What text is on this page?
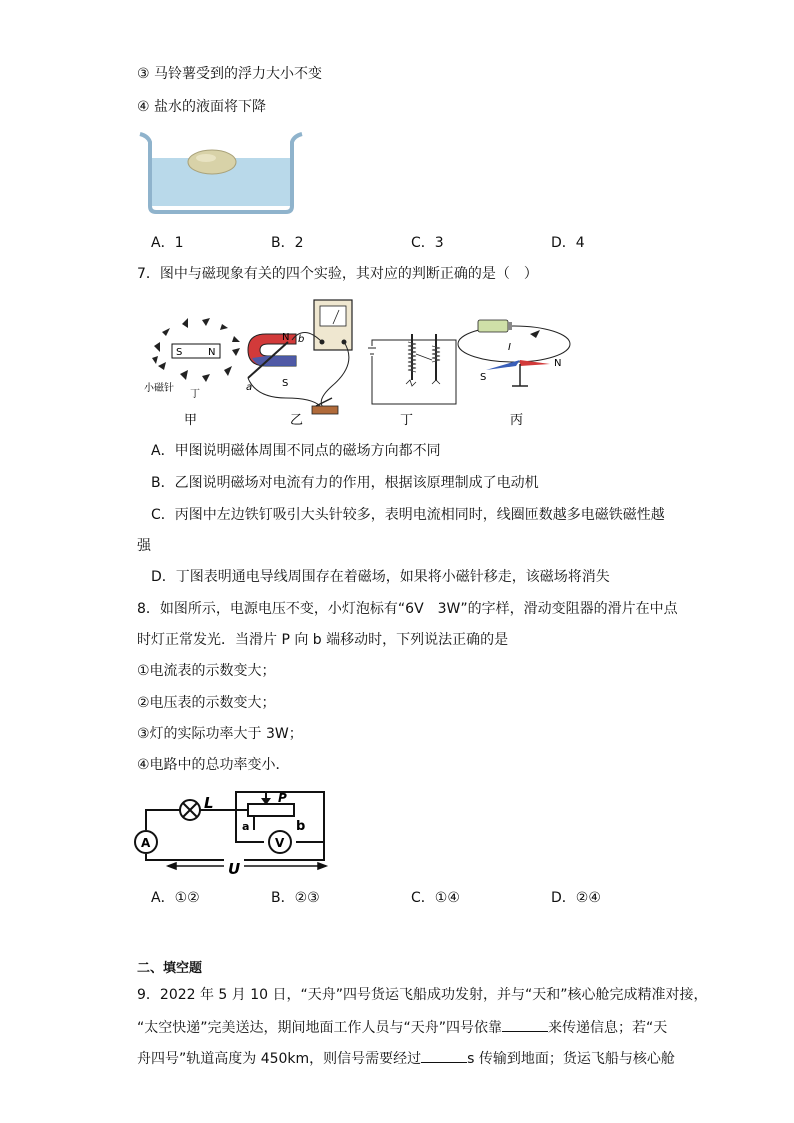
③ 马铃薯受到的浮力大小不变
④ 盐水的液面将下降
A．1	B．2	C．3	D．4
7．图中与磁现象有关的四个实验，其对应的判断正确的是（　）
S	N
小磁针
丁
N
S
a
b
I
S
N
甲	乙	丁	丙
A．甲图说明磁体周围不同点的磁场方向都不同
B．乙图说明磁场对电流有力的作用，根据该原理制成了电动机
C．丙图中左边铁钉吸引大头针较多，表明电流相同时，线圈匝数越多电磁铁磁性越
强
D．丁图表明通电导线周围存在着磁场，如果将小磁针移走，该磁场将消失
8．如图所示，电源电压不变，小灯泡标有“6V　3W”的字样，滑动变阻器的滑片在中点
时灯正常发光．当滑片 P 向 b 端移动时，下列说法正确的是
①电流表的示数变大；
②电压表的示数变大；
③灯的实际功率大于 3W；
④电路中的总功率变小．
L	P
a	b
A	V
U
A．①②	B．②③	C．①④	D．②④
二、填空题
9．2022 年 5 月 10 日，“天舟”四号货运飞船成功发射，并与“天和”核心舱完成精准对接，
“太空快递”完美送达，期间地面工作人员与“天舟”四号依靠	来传递信息；若“天
舟四号”轨道高度为 450km，则信号需要经过	s 传输到地面；货运飞船与核心舱
